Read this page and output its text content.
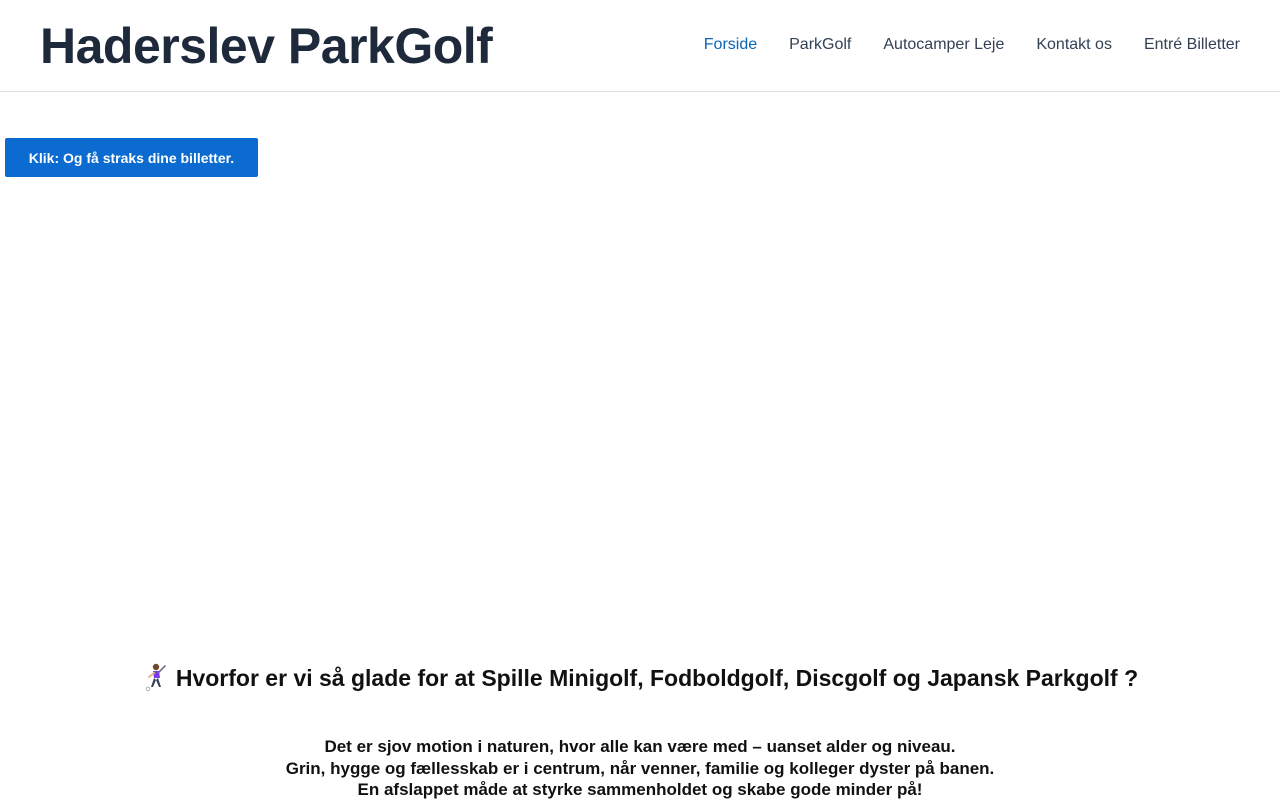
Haderslev ParkGolf	Forside ParkGolf Autocamper Leje Kontakt os Entré Billetter
Klik: Og få straks dine billetter.
Hvorfor er vi så glade for at Spille Minigolf, Fodboldgolf, Discgolf og Japansk Parkgolf ?

Det er sjov motion i naturen, hvor alle kan være med – uanset alder og niveau.

Grin, hygge og fællesskab er i centrum, når venner, familie og kolleger dyster på banen.

En afslappet måde at styrke sammenholdet og skabe gode minder på!
